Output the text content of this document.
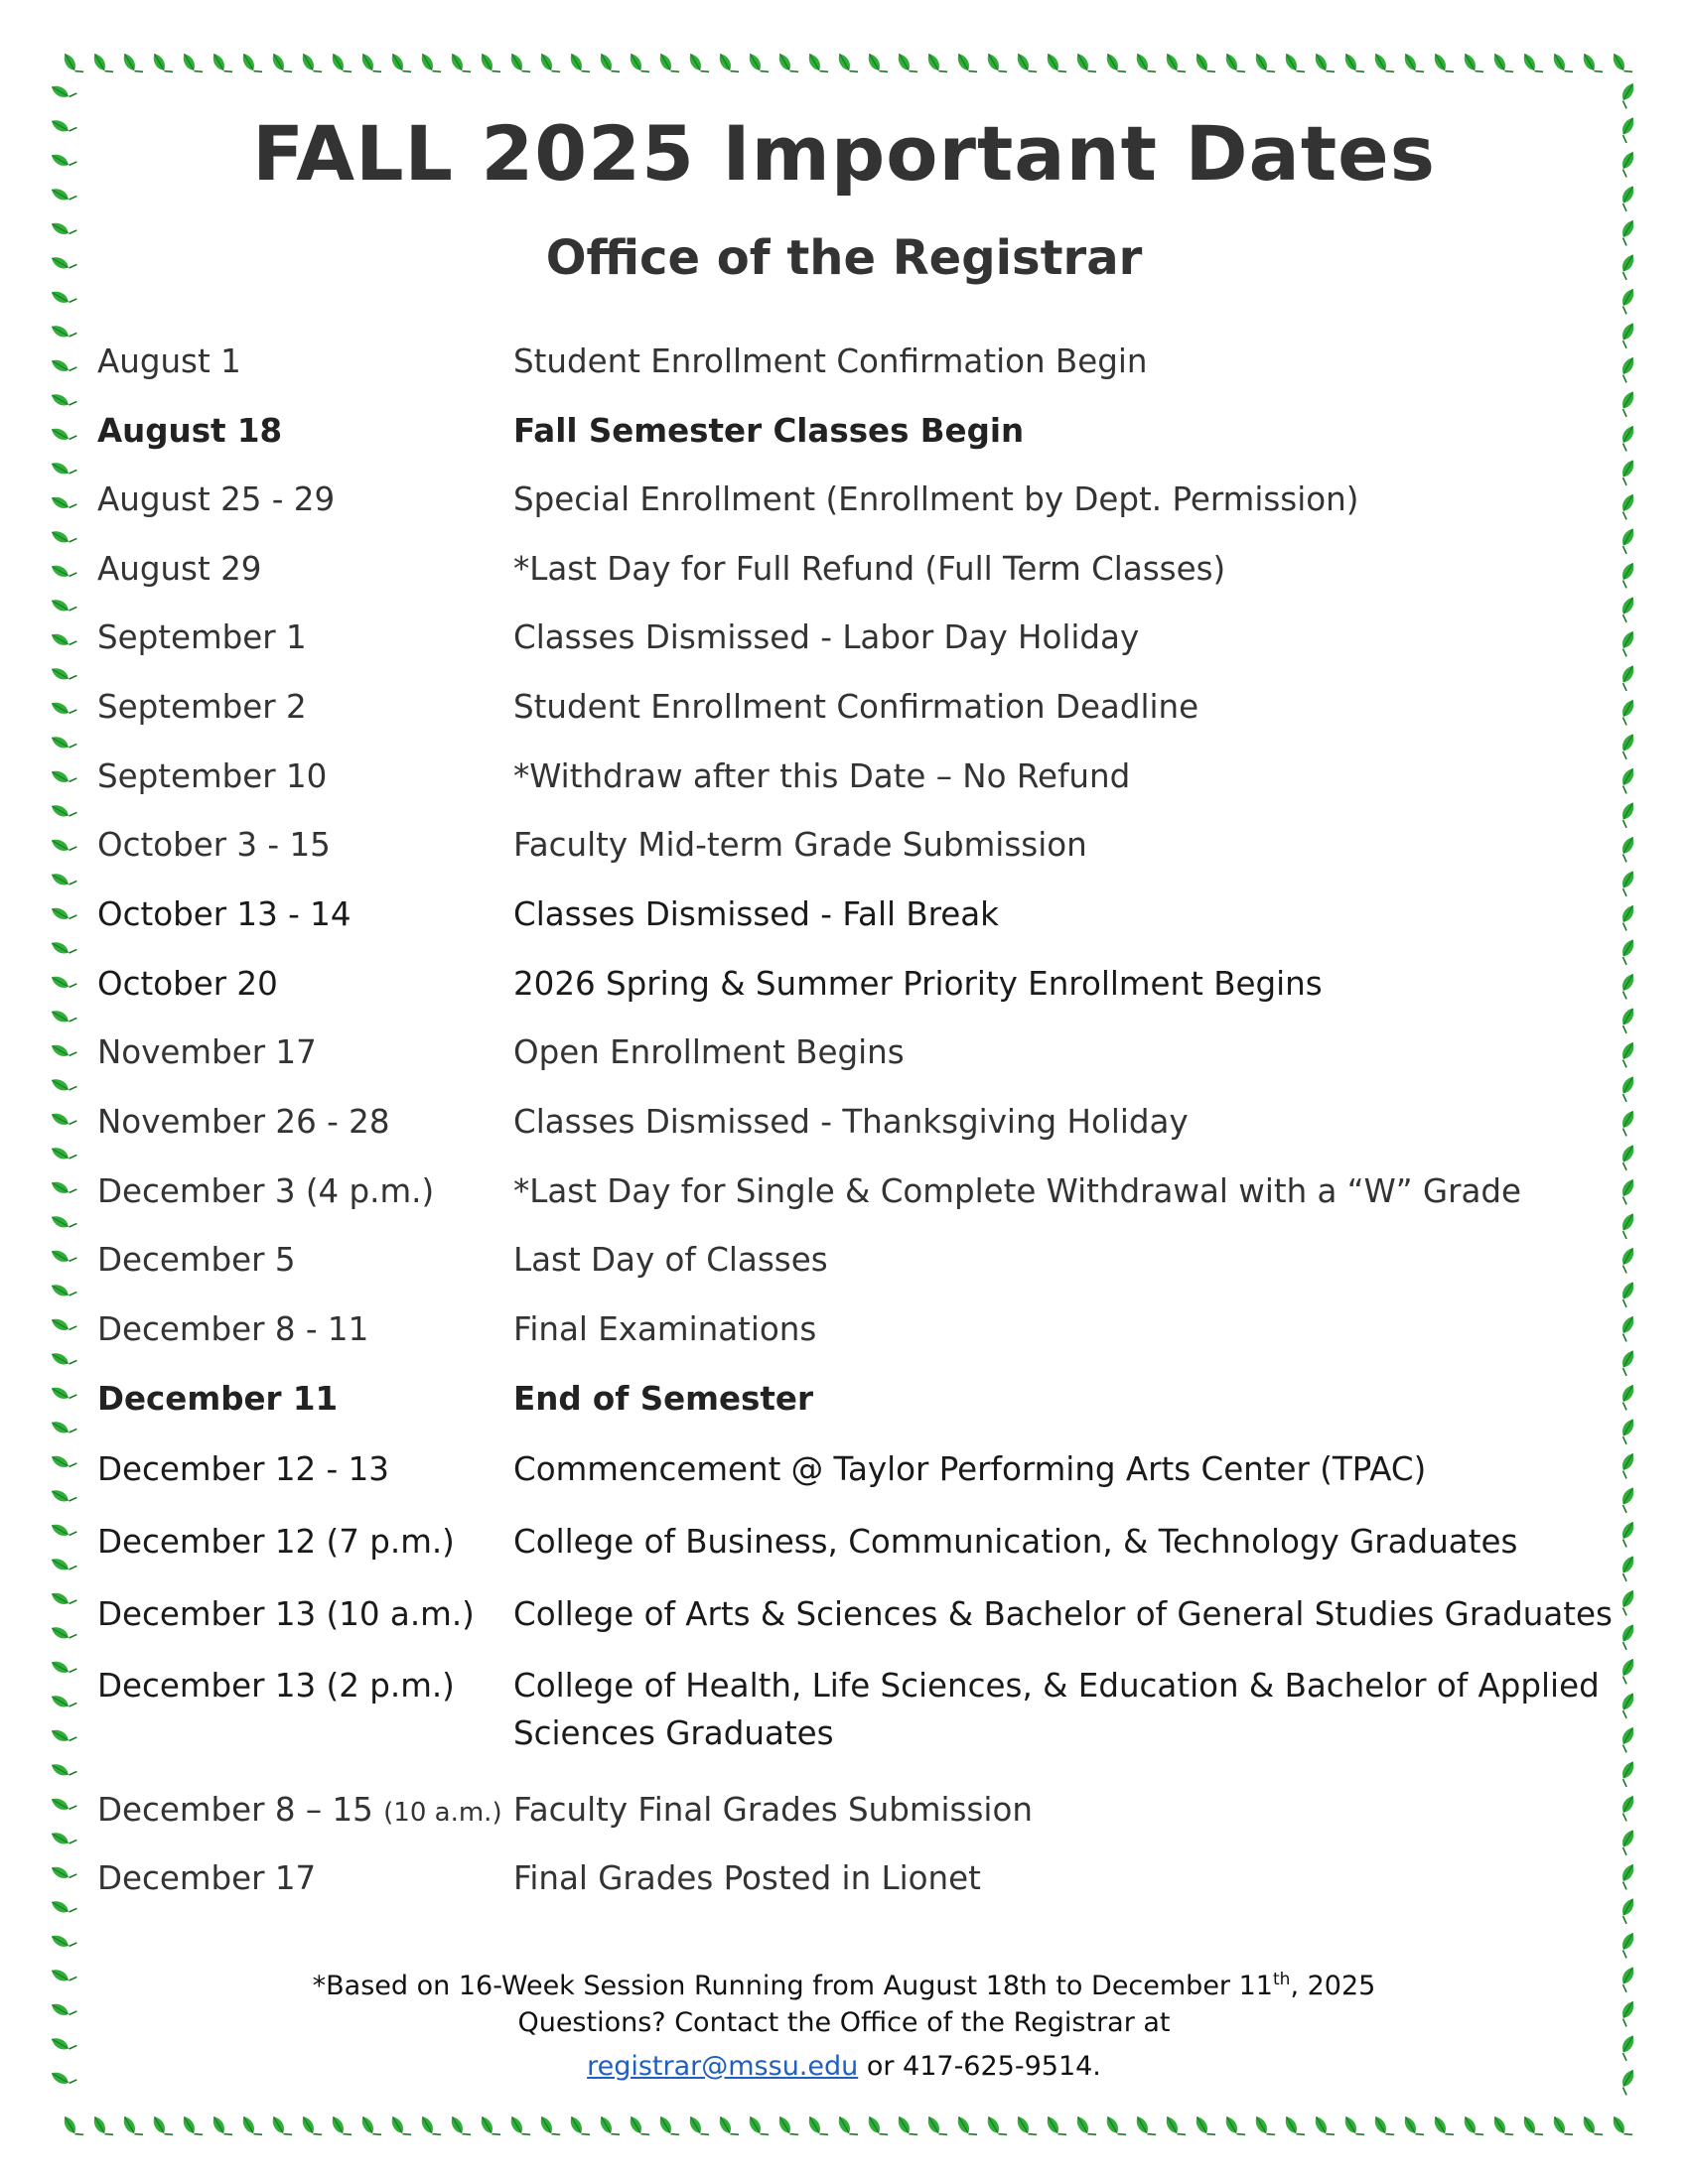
FALL 2025 Important Dates
Office of the Registrar
August 1	Student Enrollment Confirmation Begin
August 18	Fall Semester Classes Begin
August 25 - 29	Special Enrollment (Enrollment by Dept. Permission)
August 29	*Last Day for Full Refund (Full Term Classes)
September 1	Classes Dismissed - Labor Day Holiday
September 2	Student Enrollment Confirmation Deadline
September 10	*Withdraw after this Date – No Refund
October 3 - 15	Faculty Mid-term Grade Submission
October 13 - 14	Classes Dismissed - Fall Break
October 20	2026 Spring & Summer Priority Enrollment Begins
November 17	Open Enrollment Begins
November 26 - 28	Classes Dismissed - Thanksgiving Holiday
December 3 (4 p.m.)	*Last Day for Single & Complete Withdrawal with a “W” Grade
December 5	Last Day of Classes
December 8 - 11	Final Examinations
December 11	End of Semester
December 12 - 13	Commencement @ Taylor Performing Arts Center (TPAC)
December 12 (7 p.m.)	College of Business, Communication, & Technology Graduates
December 13 (10 a.m.)	College of Arts & Sciences & Bachelor of General Studies Graduates
December 13 (2 p.m.)	College of Health, Life Sciences, & Education & Bachelor of Applied Sciences Graduates
December 8 – 15 (10 a.m.) Faculty Final Grades Submission
December 17	Final Grades Posted in Lionet
*Based on 16-Week Session Running from August 18th to December 11th, 2025
Questions? Contact the Office of the Registrar at
registrar@mssu.edu or 417-625-9514.
